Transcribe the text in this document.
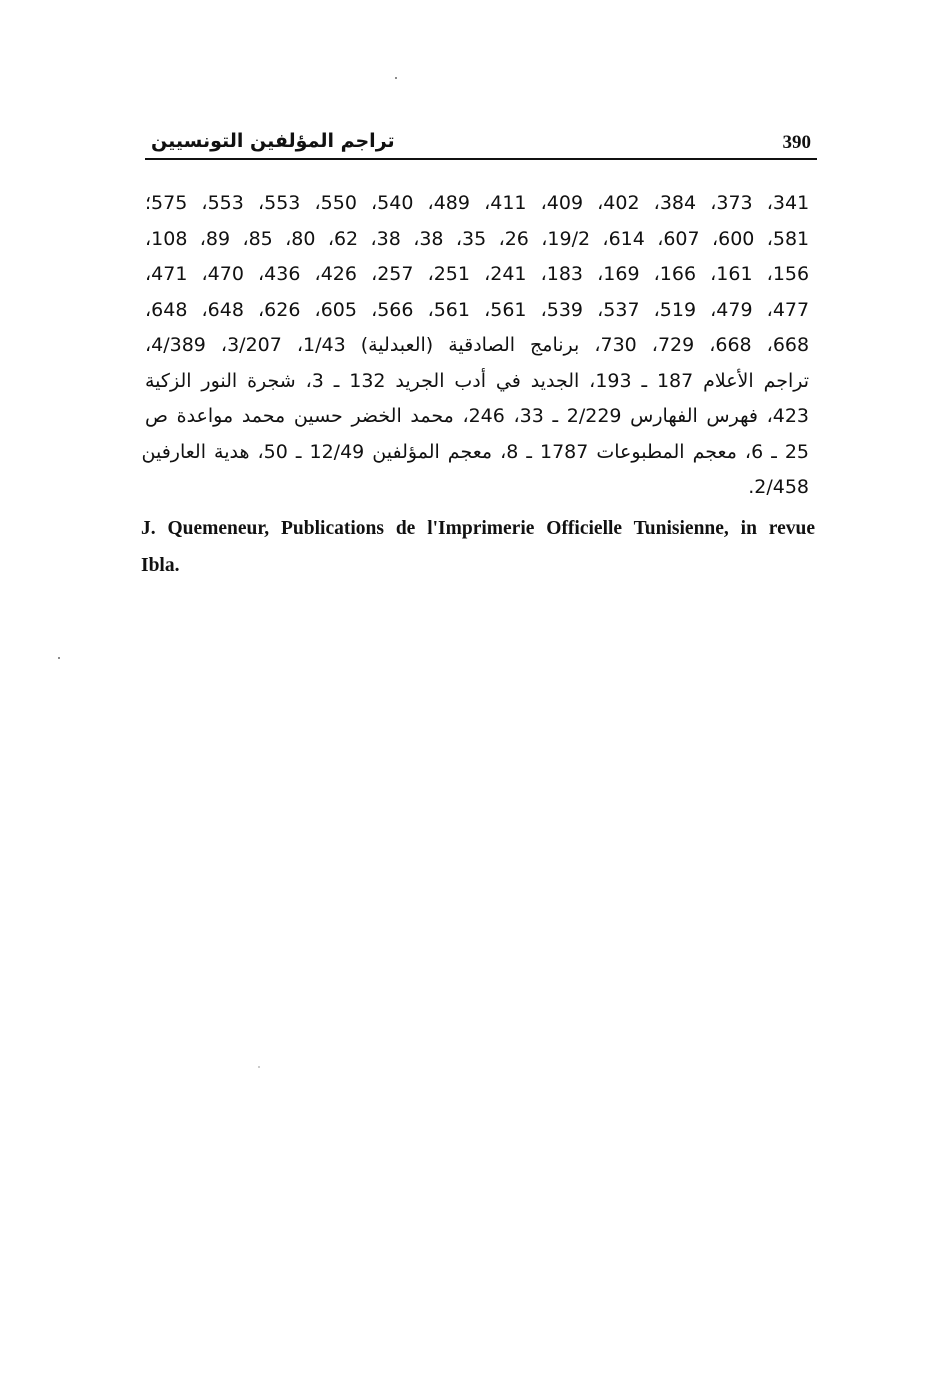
تراجم المؤلفين التونسيين	390
341، 373، 384، 402، 409، 411، 489، 540، 550، 553، 553، 575؛
581، 600، 607، 614، 19/2، 26، 35، 38، 38، 62، 80، 85، 89، 108،
156، 161، 166، 169، 183، 241، 251، 257، 426، 436، 470، 471،
477، 479، 519، 537، 539، 561، 561، 566، 605، 626، 648، 648،
668، 668، 729، 730، برنامج الصادقية (العبدلية) 1/43، 3/207، 4/389،
تراجم الأعلام 187 ـ 193، الجديد في أدب الجريد 132 ـ 3، شجرة النور الزكية
423، فهرس الفهارس 2/229 ـ 33، 246، محمد الخضر حسين محمد مواعدة ص
25 ـ 6، معجم المطبوعات 1787 ـ 8، معجم المؤلفين 12/49 ـ 50، هدية العارفين
2/458.
J. Quemeneur, Publications de l'Imprimerie Officielle Tunisienne, in revue
Ibla.
